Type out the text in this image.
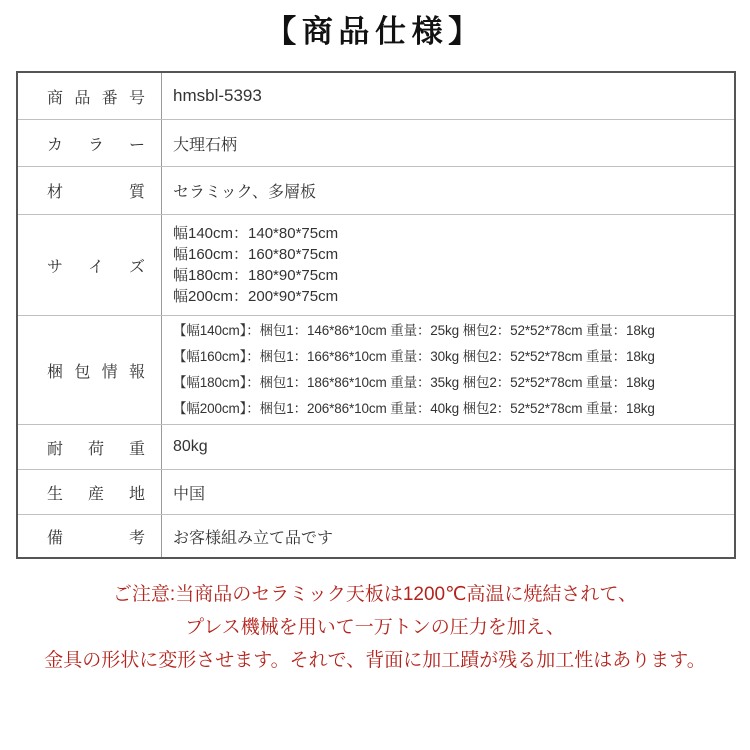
【商品仕様】
商 品 番 号 hmsbl-5393
カ ラ ー 大理石柄
材 質 セラミック、多層板
サ イ ズ
幅140cm：140*80*75cm
幅160cm：160*80*75cm
幅180cm：180*90*75cm
幅200cm：200*90*75cm
梱 包 情 報
【幅140cm】：梱包1：146*86*10cm 重量：25kg 梱包2：52*52*78cm 重量：18kg
【幅160cm】：梱包1：166*86*10cm 重量：30kg 梱包2：52*52*78cm 重量：18kg
【幅180cm】：梱包1：186*86*10cm 重量：35kg 梱包2：52*52*78cm 重量：18kg
【幅200cm】：梱包1：206*86*10cm 重量：40kg 梱包2：52*52*78cm 重量：18kg
耐 荷 重 80kg
生 産 地 中国
備 考 お客様組み立て品です
ご注意:当商品のセラミック天板は1200℃高温に焼結されて、
プレス機械を用いて一万トンの圧力を加え、
金具の形状に変形させます。それで、背面に加工蹟が残る加工性はあります。
